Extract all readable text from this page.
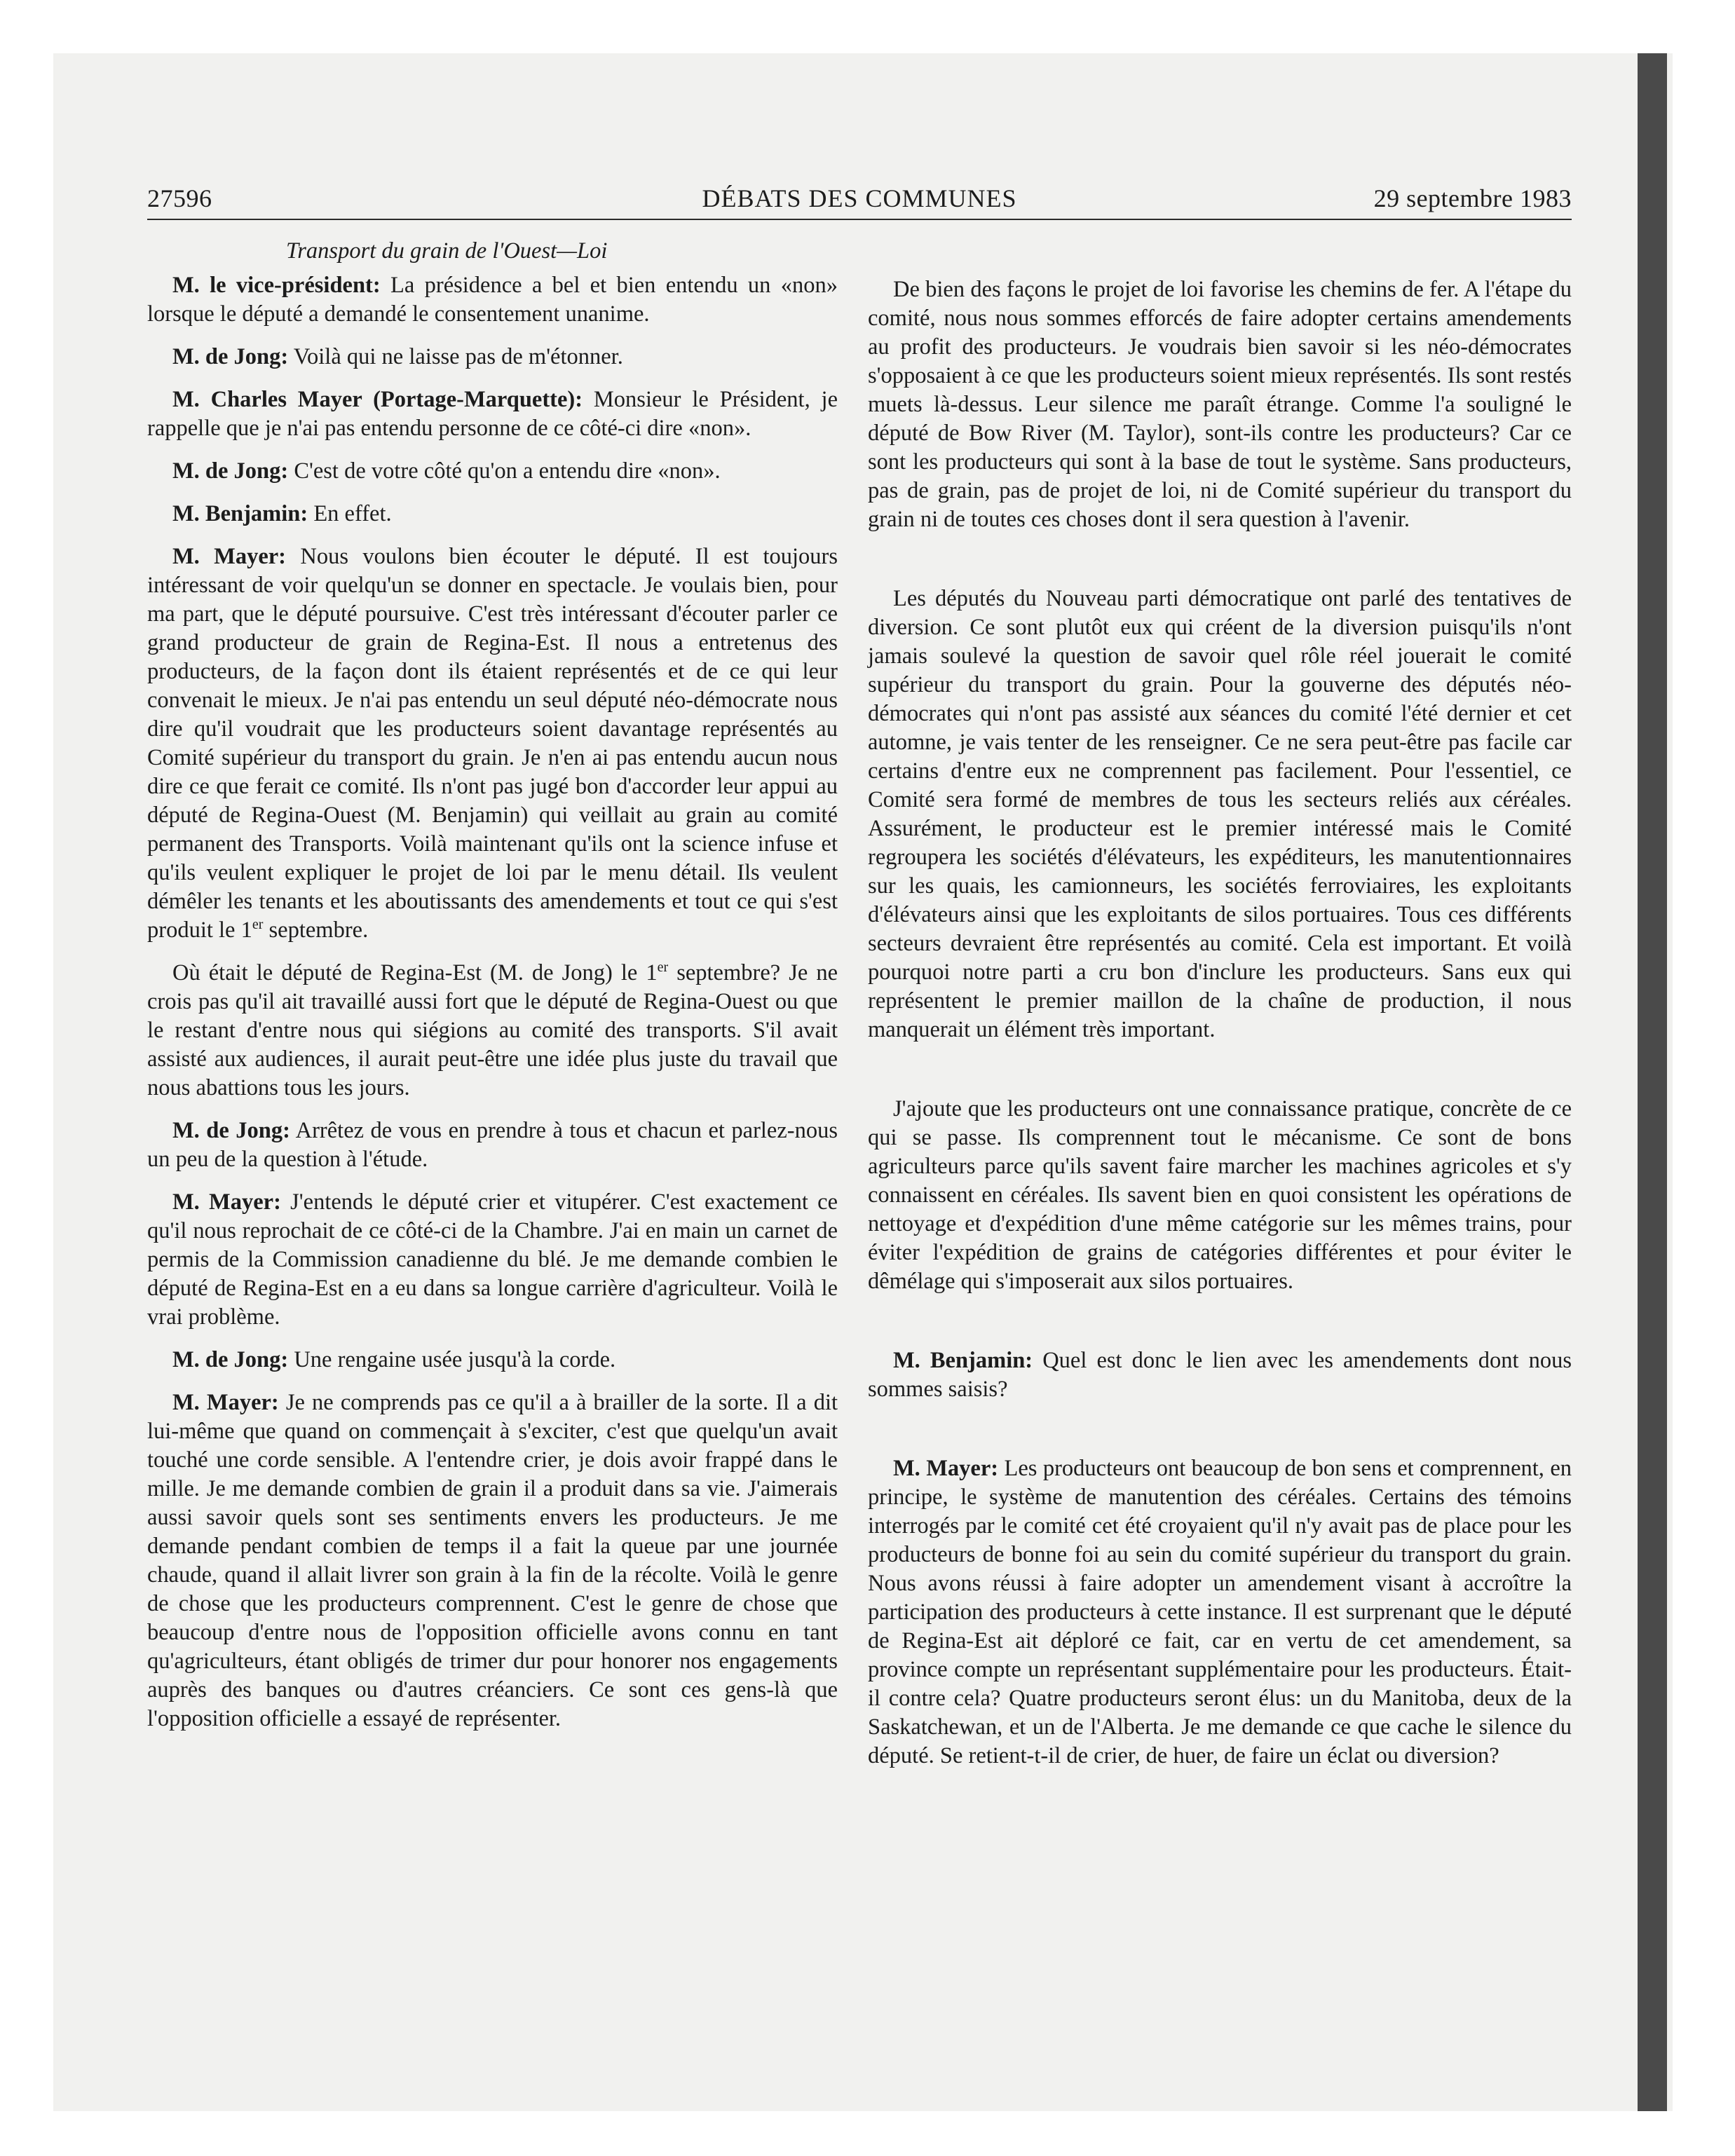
27596	DÉBATS DES COMMUNES	29 septembre 1983
Transport du grain de l'Ouest—Loi

M. le vice-président: La présidence a bel et bien entendu un «non» lorsque le député a demandé le consentement unanime.

M. de Jong: Voilà qui ne laisse pas de m'étonner.

M. Charles Mayer (Portage-Marquette): Monsieur le Président, je rappelle que je n'ai pas entendu personne de ce côté-ci dire «non».

M. de Jong: C'est de votre côté qu'on a entendu dire «non».

M. Benjamin: En effet.

M. Mayer: Nous voulons bien écouter le député. Il est toujours intéressant de voir quelqu'un se donner en spectacle. Je voulais bien, pour ma part, que le député poursuive. C'est très intéressant d'écouter parler ce grand producteur de grain de Regina-Est. Il nous a entretenus des producteurs, de la façon dont ils étaient représentés et de ce qui leur convenait le mieux. Je n'ai pas entendu un seul député néo-démocrate nous dire qu'il voudrait que les producteurs soient davantage représentés au Comité supérieur du transport du grain. Je n'en ai pas entendu aucun nous dire ce que ferait ce comité. Ils n'ont pas jugé bon d'accorder leur appui au député de Regina-Ouest (M. Benjamin) qui veillait au grain au comité permanent des Transports. Voilà maintenant qu'ils ont la science infuse et qu'ils veulent expliquer le projet de loi par le menu détail. Ils veulent démêler les tenants et les aboutissants des amendements et tout ce qui s'est produit le 1er septembre.

Où était le député de Regina-Est (M. de Jong) le 1er septembre? Je ne crois pas qu'il ait travaillé aussi fort que le député de Regina-Ouest ou que le restant d'entre nous qui siégions au comité des transports. S'il avait assisté aux audiences, il aurait peut-être une idée plus juste du travail que nous abattions tous les jours.

M. de Jong: Arrêtez de vous en prendre à tous et chacun et parlez-nous un peu de la question à l'étude.

M. Mayer: J'entends le député crier et vitupérer. C'est exactement ce qu'il nous reprochait de ce côté-ci de la Chambre. J'ai en main un carnet de permis de la Commission canadienne du blé. Je me demande combien le député de Regina-Est en a eu dans sa longue carrière d'agriculteur. Voilà le vrai problème.

M. de Jong: Une rengaine usée jusqu'à la corde.

M. Mayer: Je ne comprends pas ce qu'il a à brailler de la sorte. Il a dit lui-même que quand on commençait à s'exciter, c'est que quelqu'un avait touché une corde sensible. A l'entendre crier, je dois avoir frappé dans le mille. Je me demande combien de grain il a produit dans sa vie. J'aimerais aussi savoir quels sont ses sentiments envers les producteurs. Je me demande pendant combien de temps il a fait la queue par une journée chaude, quand il allait livrer son grain à la fin de la récolte. Voilà le genre de chose que les producteurs comprennent. C'est le genre de chose que beaucoup d'entre nous de l'opposition officielle avons connu en tant qu'agriculteurs, étant obligés de trimer dur pour honorer nos engagements auprès des banques ou d'autres créanciers. Ce sont ces gens-là que l'opposition officielle a essayé de représenter.

De bien des façons le projet de loi favorise les chemins de fer. A l'étape du comité, nous nous sommes efforcés de faire adopter certains amendements au profit des producteurs. Je voudrais bien savoir si les néo-démocrates s'opposaient à ce que les producteurs soient mieux représentés. Ils sont restés muets là-dessus. Leur silence me paraît étrange. Comme l'a souligné le député de Bow River (M. Taylor), sont-ils contre les producteurs? Car ce sont les producteurs qui sont à la base de tout le système. Sans producteurs, pas de grain, pas de projet de loi, ni de Comité supérieur du transport du grain ni de toutes ces choses dont il sera question à l'avenir.

Les députés du Nouveau parti démocratique ont parlé des tentatives de diversion. Ce sont plutôt eux qui créent de la diversion puisqu'ils n'ont jamais soulevé la question de savoir quel rôle réel jouerait le comité supérieur du transport du grain. Pour la gouverne des députés néo-démocrates qui n'ont pas assisté aux séances du comité l'été dernier et cet automne, je vais tenter de les renseigner. Ce ne sera peut-être pas facile car certains d'entre eux ne comprennent pas facilement. Pour l'essentiel, ce Comité sera formé de membres de tous les secteurs reliés aux céréales. Assurément, le producteur est le premier intéressé mais le Comité regroupera les sociétés d'élévateurs, les expéditeurs, les manutentionnaires sur les quais, les camionneurs, les sociétés ferroviaires, les exploitants d'élévateurs ainsi que les exploitants de silos portuaires. Tous ces différents secteurs devraient être représentés au comité. Cela est important. Et voilà pourquoi notre parti a cru bon d'inclure les producteurs. Sans eux qui représentent le premier maillon de la chaîne de production, il nous manquerait un élément très important.

J'ajoute que les producteurs ont une connaissance pratique, concrète de ce qui se passe. Ils comprennent tout le mécanisme. Ce sont de bons agriculteurs parce qu'ils savent faire marcher les machines agricoles et s'y connaissent en céréales. Ils savent bien en quoi consistent les opérations de nettoyage et d'expédition d'une même catégorie sur les mêmes trains, pour éviter l'expédition de grains de catégories différentes et pour éviter le dêmélage qui s'imposerait aux silos portuaires.

M. Benjamin: Quel est donc le lien avec les amendements dont nous sommes saisis?

M. Mayer: Les producteurs ont beaucoup de bon sens et comprennent, en principe, le système de manutention des céréales. Certains des témoins interrogés par le comité cet été croyaient qu'il n'y avait pas de place pour les producteurs de bonne foi au sein du comité supérieur du transport du grain. Nous avons réussi à faire adopter un amendement visant à accroître la participation des producteurs à cette instance. Il est surprenant que le député de Regina-Est ait déploré ce fait, car en vertu de cet amendement, sa province compte un représentant supplémentaire pour les producteurs. Était-il contre cela? Quatre producteurs seront élus: un du Manitoba, deux de la Saskatchewan, et un de l'Alberta. Je me demande ce que cache le silence du député. Se retient-t-il de crier, de huer, de faire un éclat ou diversion?
